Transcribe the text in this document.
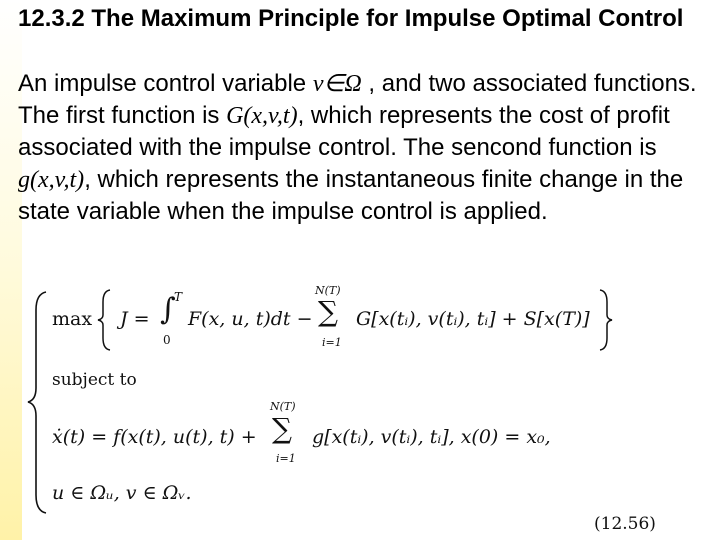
12.3.2 The Maximum Principle for Impulse Optimal Control
An impulse control variable v∈Ω , and two associated functions. The first function is G(x,v,t), which represents the cost of profit associated with the impulse control. The sencond function is g(x,v,t), which represents the instantaneous finite change in the state variable when the impulse control is applied.
max J = ∫
T
0
F(x, u, t)dt −
N(T)
∑
i=1
G[x(tᵢ), v(tᵢ), tᵢ] + S[x(T)]
subject to
ẋ(t) = f(x(t), u(t), t) +
N(T)
∑
i=1
g[x(tᵢ), v(tᵢ), tᵢ], x(0) = x₀,
u ∈ Ωᵤ, v ∈ Ωᵥ.
(12.56)
